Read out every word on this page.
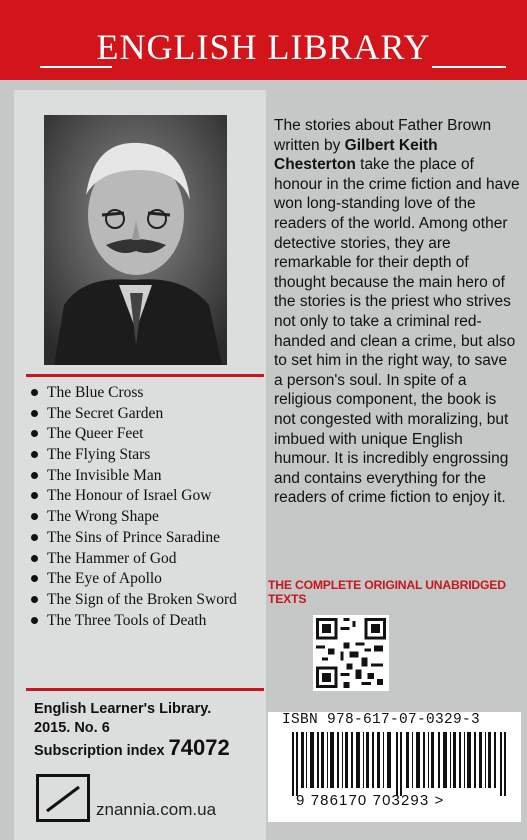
ENGLISH LIBRARY
The Blue Cross
The Secret Garden
The Queer Feet
The Flying Stars
The Invisible Man
The Honour of Israel Gow
The Wrong Shape
The Sins of Prince Saradine
The Hammer of God
The Eye of Apollo
The Sign of the Broken Sword
The Three Tools of Death
English Learner's Library.
2015. No. 6
Subscription index 74072
znannia.com.ua
The stories about Father Brown written by Gilbert Keith Chesterton take the place of honour in the crime fiction and have won long-standing love of the readers of the world. Among other detective stories, they are remarkable for their depth of thought because the main hero of the stories is the priest who strives not only to take a criminal red-handed and clean a crime, but also to set him in the right way, to save a person's soul. In spite of a religious component, the book is not congested with moralizing, but imbued with unique English humour. It is incredibly engrossing and contains everything for the readers of crime fiction to enjoy it.
THE COMPLETE ORIGINAL UNABRIDGED TEXTS
ISBN 978-617-07-0329-3
9 786170 703293 >
